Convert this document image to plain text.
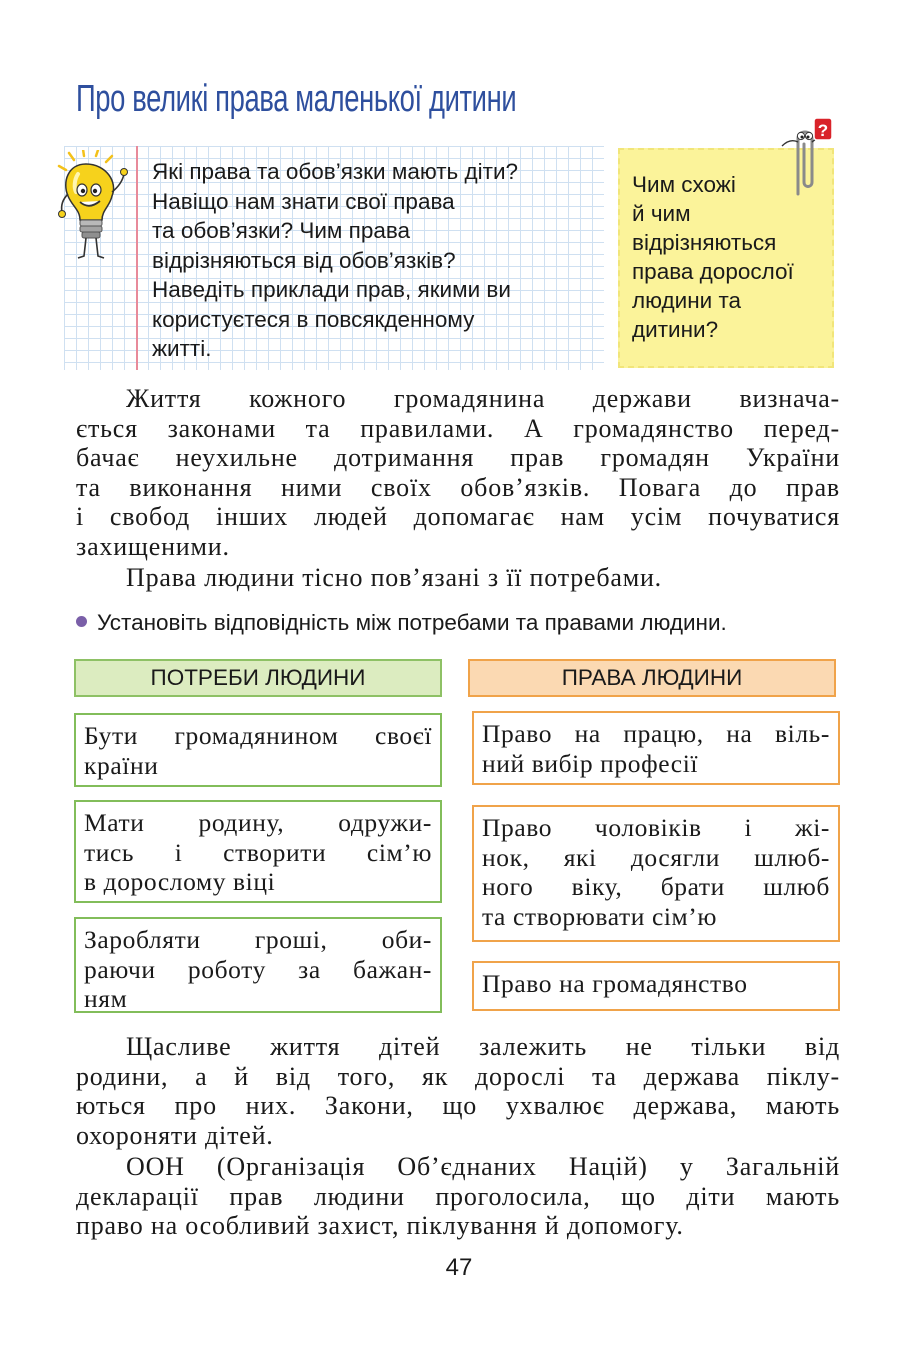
Про великі права маленької дитини
Які права та обов’язки мають діти?
Навіщо нам знати свої права
та обов’язки? Чим права
відрізняються від обов’язків?
Наведіть приклади прав, якими ви
користуєтеся в повсякденному
житті.
Чим схожі
й чим
відрізняються
права дорослої
людини та
дитини?
?
Життя кожного громадянина держави визнача-
ється законами та правилами. А громадянство перед-
бачає неухильне дотримання прав громадян України
та виконання ними своїх обов’язків. Повага до прав
і свобод інших людей допомагає нам усім почуватися
захищеними.
Права людини тісно пов’язані з її потребами.
Установіть відповідність між потребами та правами людини.
ПОТРЕБИ ЛЮДИНИ	ПРАВА ЛЮДИНИ
Бути громадянином своєї
країни
Мати родину, одружи-
тись і створити сім’ю
в дорослому віці
Заробляти гроші, оби-
раючи роботу за бажан-
ням
Право на працю, на віль-
ний вибір професії
Право чоловіків і жі-
нок, які досягли шлюб-
ного віку, брати шлюб
та створювати сім’ю
Право на громадянство
Щасливе життя дітей залежить не тільки від
родини, а й від того, як дорослі та держава піклу-
ються про них. Закони, що ухвалює держава, мають
охороняти дітей.
ООН (Організація Об’єднаних Націй) у Загальній
декларації прав людини проголосила, що діти мають
право на особливий захист, піклування й допомогу.
47
